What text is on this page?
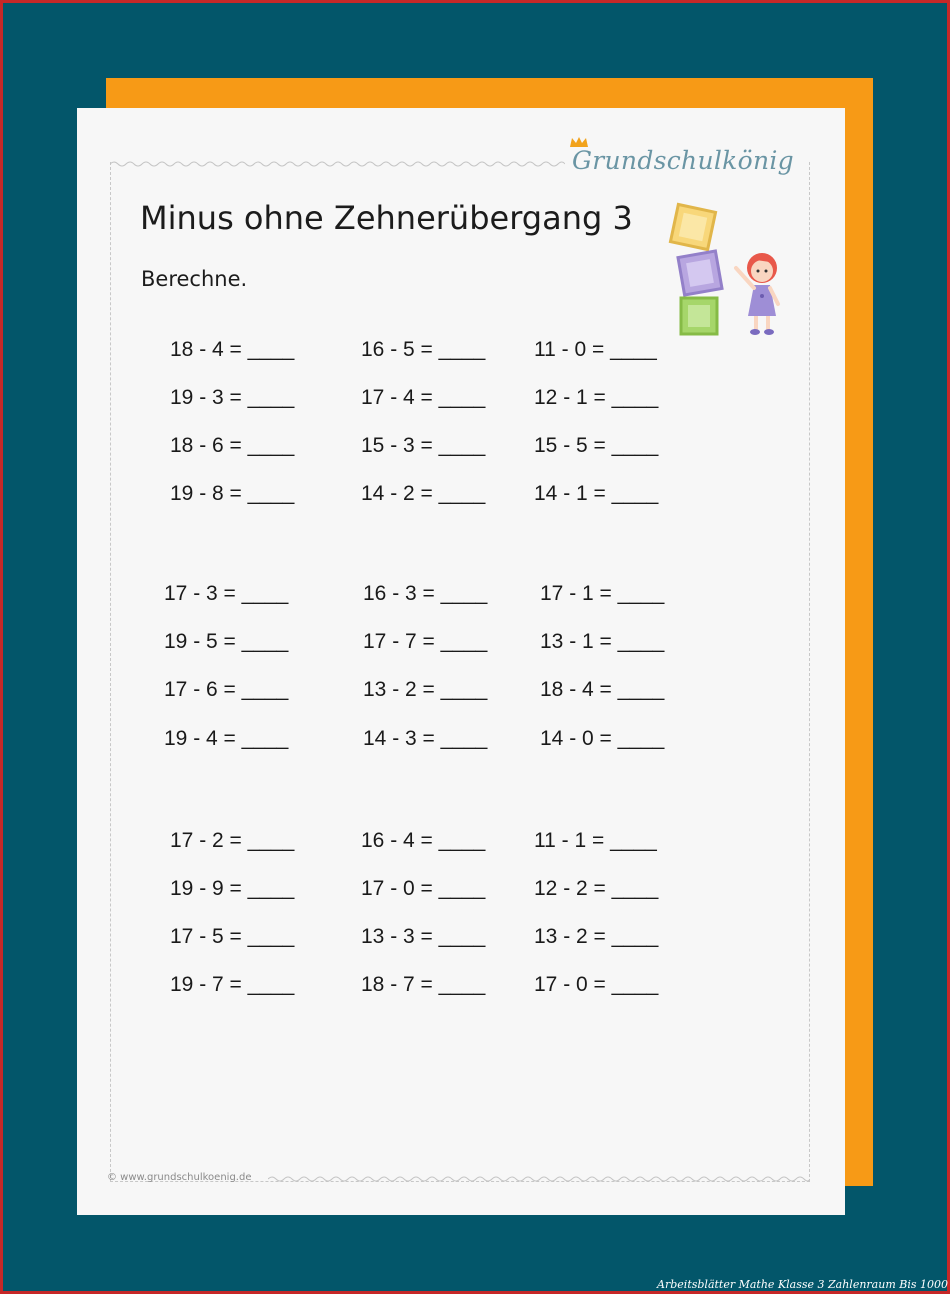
Grundschulkönig
Minus ohne Zehnerübergang 3
Berechne.
18 - 4 = ____
19 - 3 = ____
18 - 6 = ____
19 - 8 = ____
16 - 5 = ____
17 - 4 = ____
15 - 3 = ____
14 - 2 = ____
11 - 0 = ____
12 - 1 = ____
15 - 5 = ____
14 - 1 = ____
17 - 3 = ____
19 - 5 = ____
17 - 6 = ____
19 - 4 = ____
16 - 3 = ____
17 - 7 = ____
13 - 2 = ____
14 - 3 = ____
17 - 1 = ____
13 - 1 = ____
18 - 4 = ____
14 - 0 = ____
17 - 2 = ____
19 - 9 = ____
17 - 5 = ____
19 - 7 = ____
16 - 4 = ____
17 - 0 = ____
13 - 3 = ____
18 - 7 = ____
11 - 1 = ____
12 - 2 = ____
13 - 2 = ____
17 - 0 = ____
© www.grundschulkoenig.de
Arbeitsblätter Mathe Klasse 3 Zahlenraum Bis 1000
